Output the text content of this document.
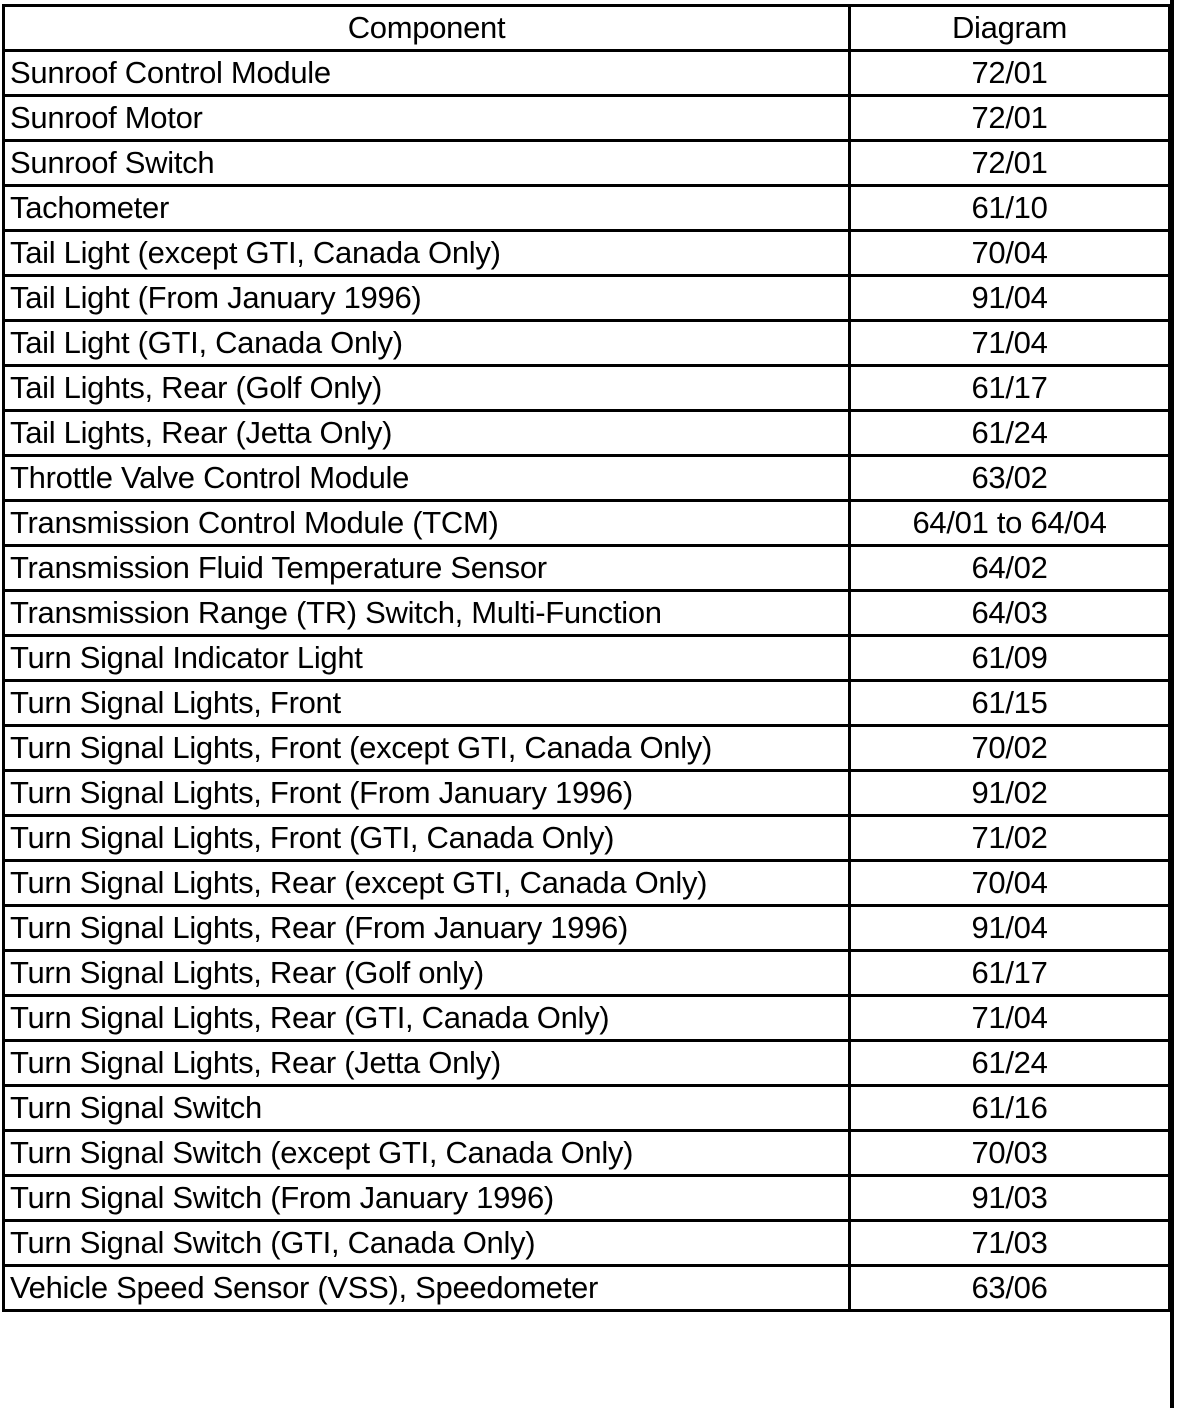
Component	Diagram
Sunroof Control Module	72/01
Sunroof Motor	72/01
Sunroof Switch	72/01
Tachometer	61/10
Tail Light (except GTI, Canada Only)	70/04
Tail Light (From January 1996)	91/04
Tail Light (GTI, Canada Only)	71/04
Tail Lights, Rear (Golf Only)	61/17
Tail Lights, Rear (Jetta Only)	61/24
Throttle Valve Control Module	63/02
Transmission Control Module (TCM)	64/01 to 64/04
Transmission Fluid Temperature Sensor	64/02
Transmission Range (TR) Switch, Multi-Function	64/03
Turn Signal Indicator Light	61/09
Turn Signal Lights, Front	61/15
Turn Signal Lights, Front (except GTI, Canada Only)	70/02
Turn Signal Lights, Front (From January 1996)	91/02
Turn Signal Lights, Front (GTI, Canada Only)	71/02
Turn Signal Lights, Rear (except GTI, Canada Only)	70/04
Turn Signal Lights, Rear (From January 1996)	91/04
Turn Signal Lights, Rear (Golf only)	61/17
Turn Signal Lights, Rear (GTI, Canada Only)	71/04
Turn Signal Lights, Rear (Jetta Only)	61/24
Turn Signal Switch	61/16
Turn Signal Switch (except GTI, Canada Only)	70/03
Turn Signal Switch (From January 1996)	91/03
Turn Signal Switch (GTI, Canada Only)	71/03
Vehicle Speed Sensor (VSS), Speedometer	63/06
